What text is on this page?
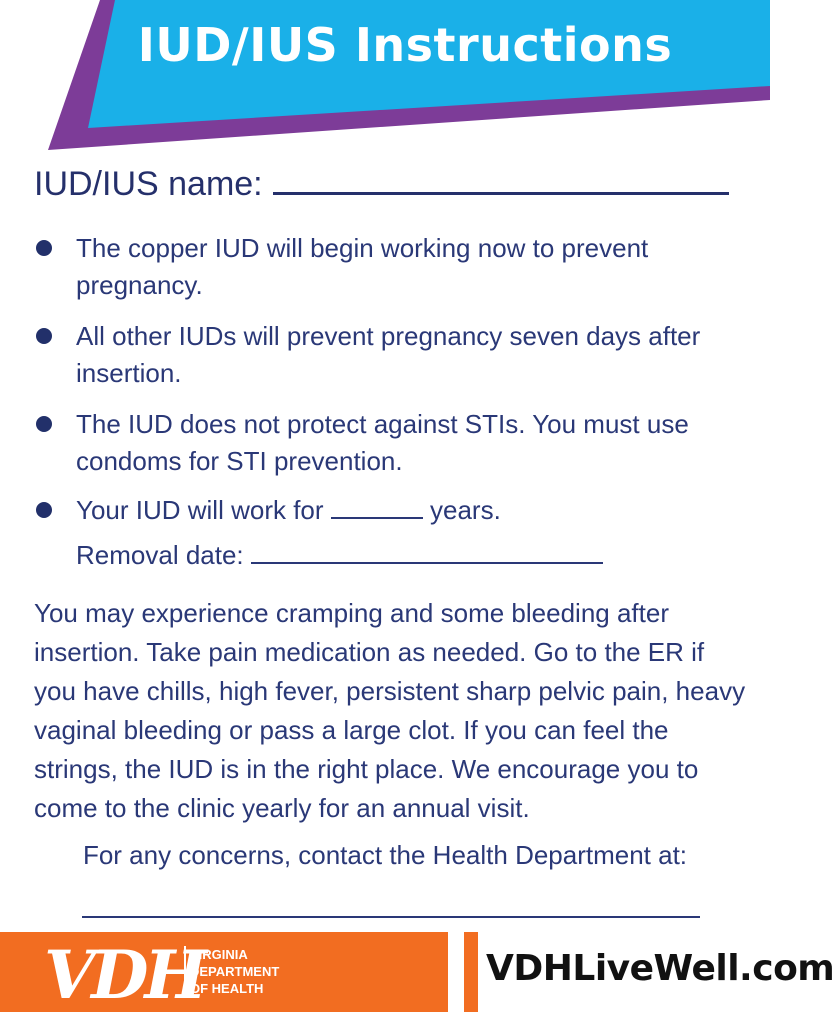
IUD/IUS Instructions
IUD/IUS name:
The copper IUD will begin working now to prevent pregnancy.
All other IUDs will prevent pregnancy seven days after insertion.
The IUD does not protect against STIs. You must use condoms for STI prevention.
Your IUD will work for	years.
Removal date:
You may experience cramping and some bleeding after insertion. Take pain medication as needed. Go to the ER if you have chills, high fever, persistent sharp pelvic pain, heavy vaginal bleeding or pass a large clot. If you can feel the strings, the IUD is in the right place. We encourage you to come to the clinic yearly for an annual visit.
For any concerns, contact the Health Department at:
VDH
VIRGINIA
DEPARTMENT
OF HEALTH	VDHLiveWell.com
